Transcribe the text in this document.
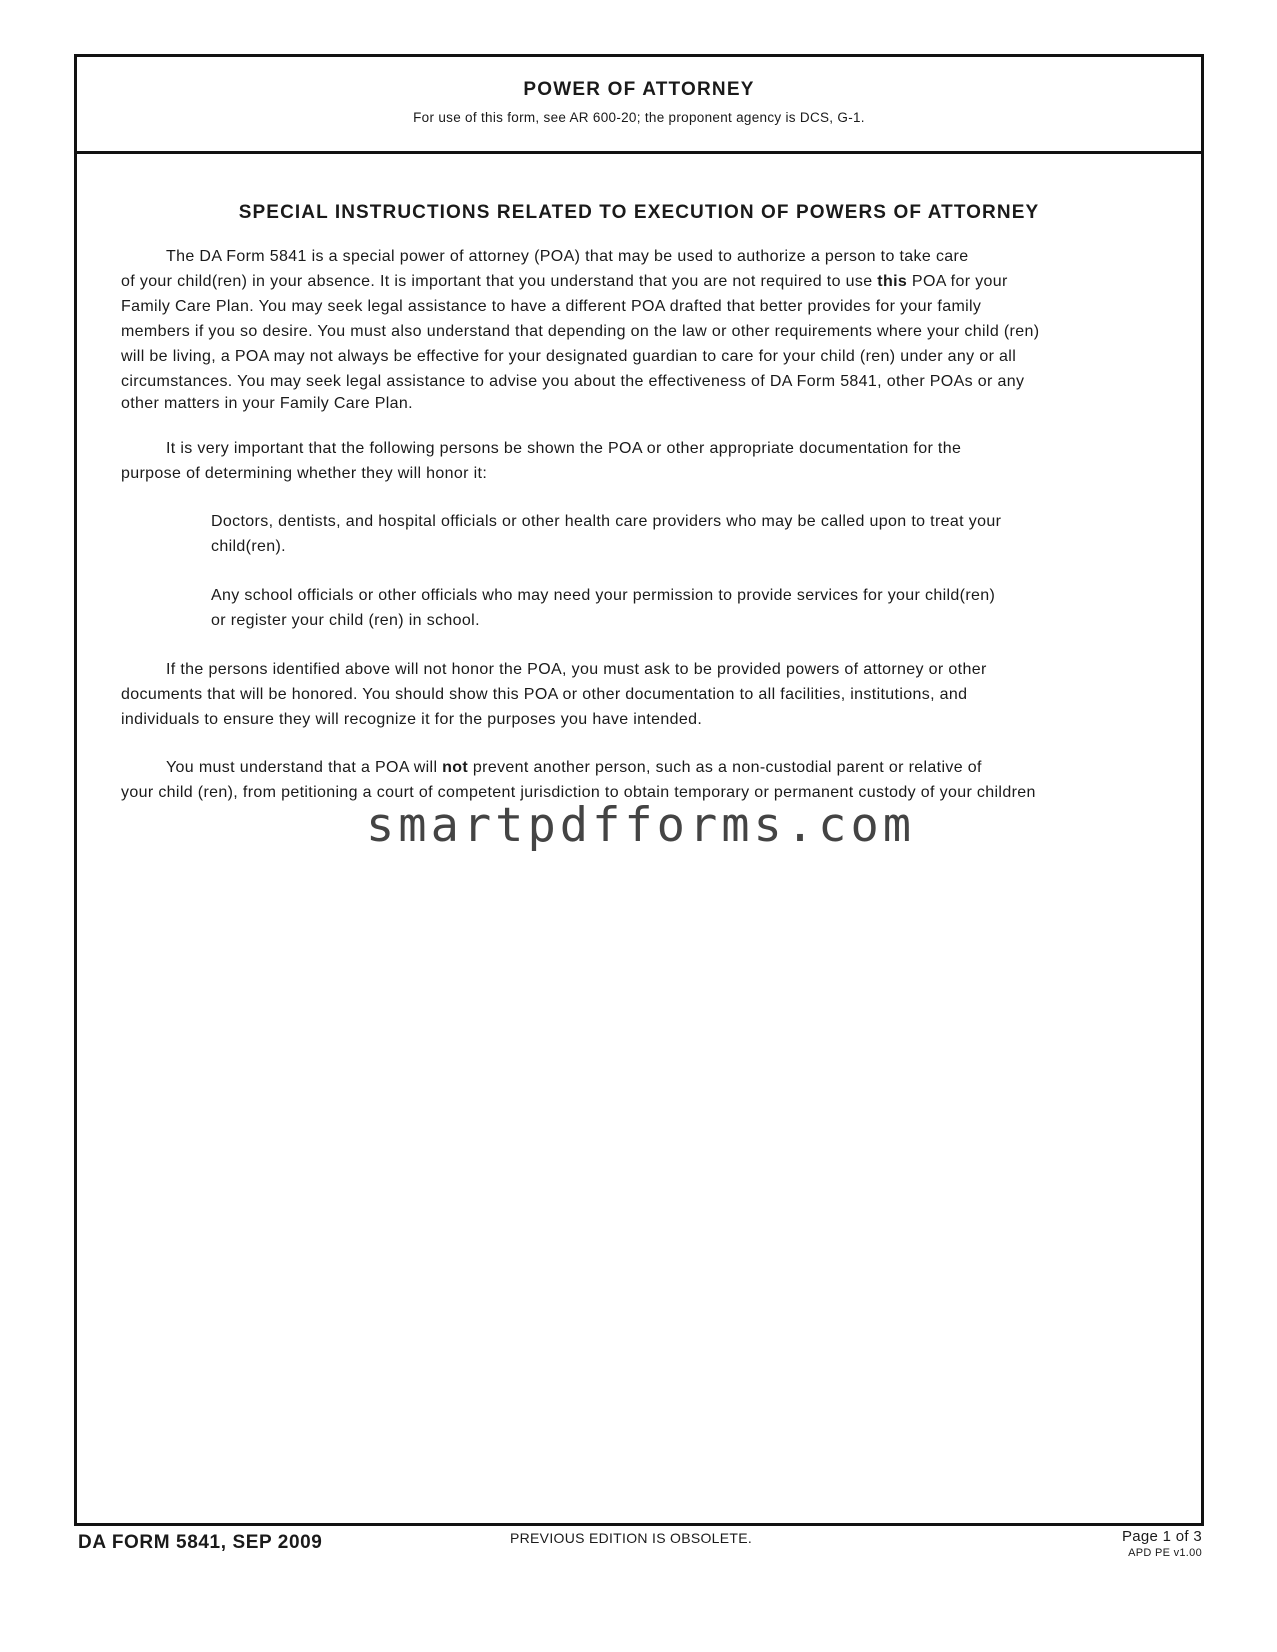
POWER OF ATTORNEY
For use of this form, see AR 600-20; the proponent agency is DCS, G-1.
SPECIAL INSTRUCTIONS RELATED TO EXECUTION OF POWERS OF ATTORNEY
The DA Form 5841 is a special power of attorney (POA) that may be used to authorize a person to take care
of your child(ren) in your absence. It is important that you understand that you are not required to use this POA for your
Family Care Plan. You may seek legal assistance to have a different POA drafted that better provides for your family
members if you so desire. You must also understand that depending on the law or other requirements where your child (ren)
will be living, a POA may not always be effective for your designated guardian to care for your child (ren) under any or all
circumstances. You may seek legal assistance to advise you about the effectiveness of DA Form 5841, other POAs or any
other matters in your Family Care Plan.
It is very important that the following persons be shown the POA or other appropriate documentation for the
purpose of determining whether they will honor it:
Doctors, dentists, and hospital officials or other health care providers who may be called upon to treat your
child(ren).
Any school officials or other officials who may need your permission to provide services for your child(ren)
or register your child (ren) in school.
If the persons identified above will not honor the POA, you must ask to be provided powers of attorney or other
documents that will be honored. You should show this POA or other documentation to all facilities, institutions, and
individuals to ensure they will recognize it for the purposes you have intended.
You must understand that a POA will not prevent another person, such as a non-custodial parent or relative of
your child (ren), from petitioning a court of competent jurisdiction to obtain temporary or permanent custody of your children
smartpdfforms.com
DA FORM 5841, SEP 2009	PREVIOUS EDITION IS OBSOLETE.	Page 1 of 3
APD PE v1.00
